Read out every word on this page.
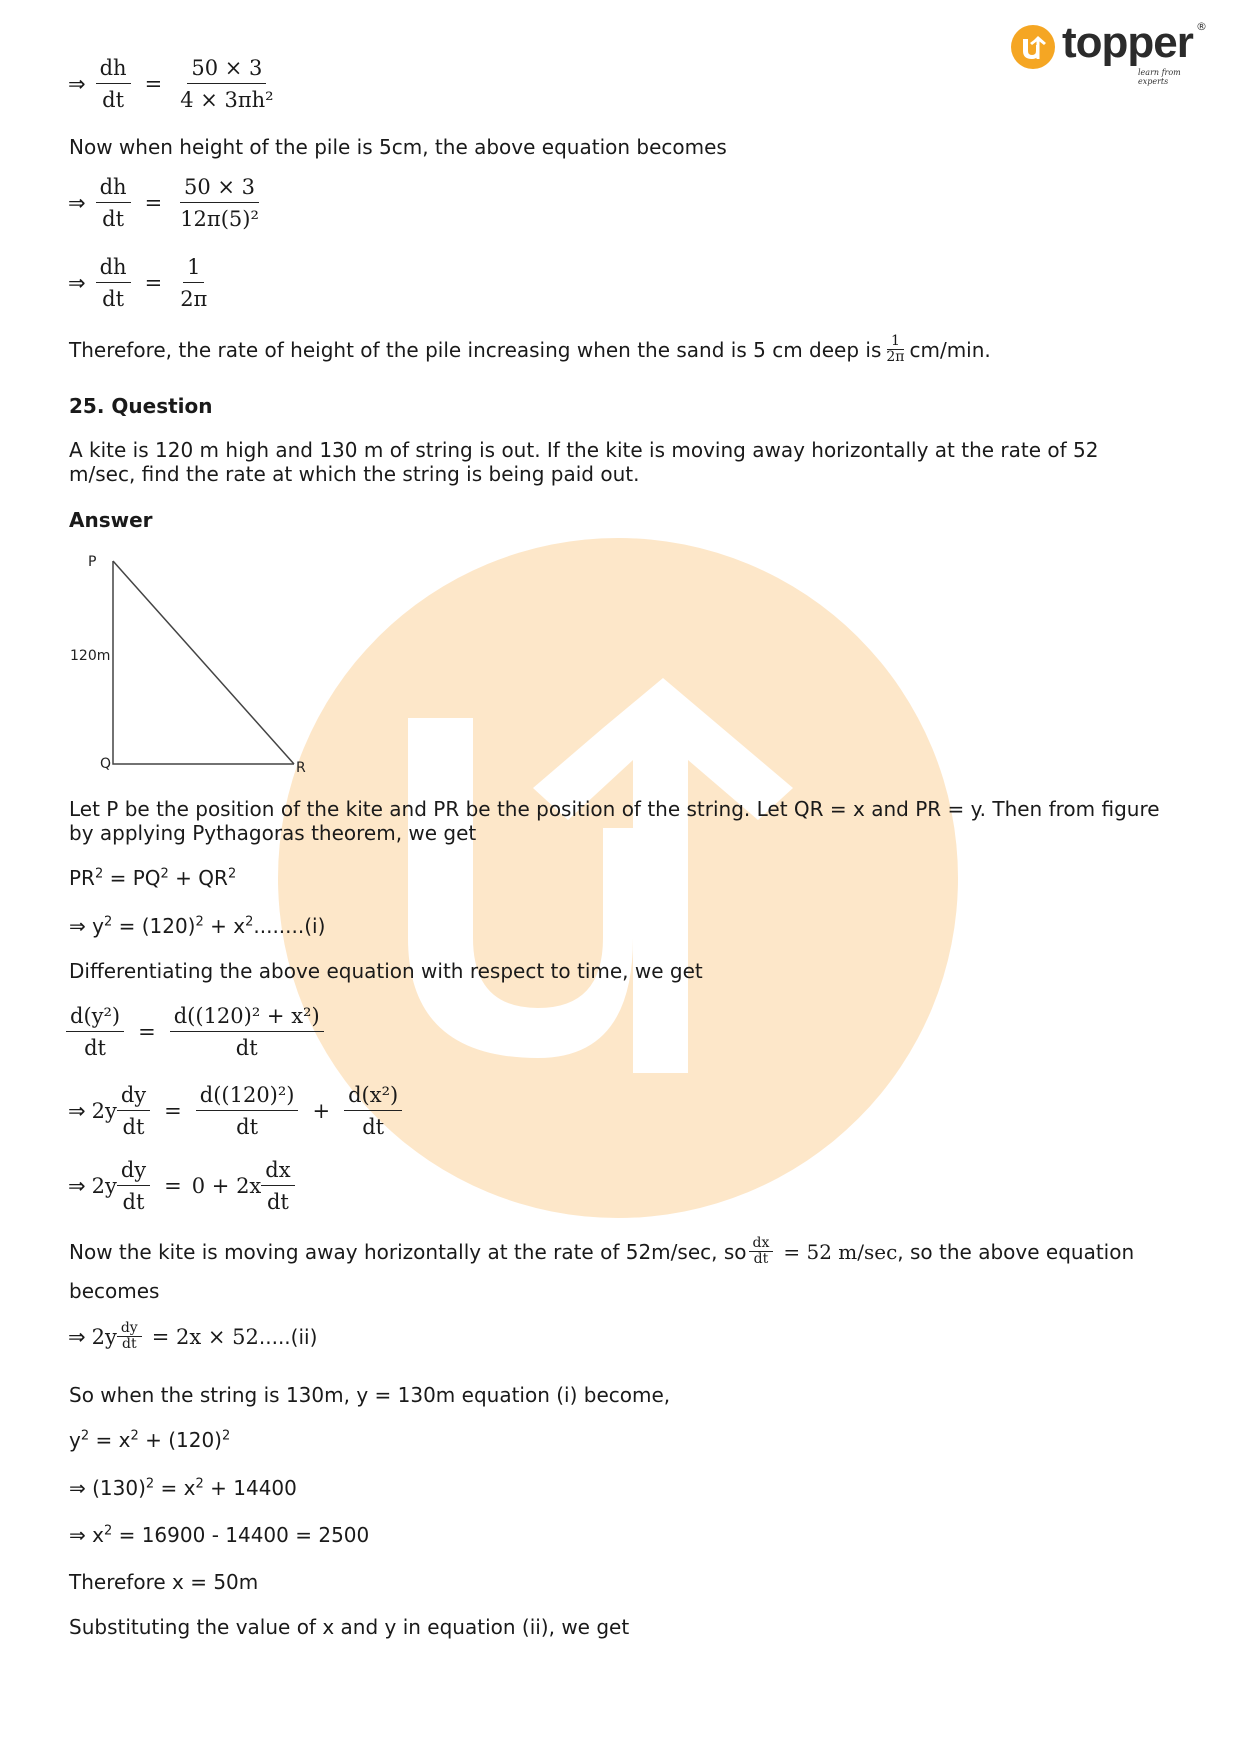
topper ®
learn from experts
⇒ $\frac{dh}{dt} = \frac{50 \times 3}{\text{4 × 3πh²}}$
Now when height of the pile is 5cm, the above equation becomes
⇒ $\frac{dh}{dt} = \frac{50 \times 3}{\text{12π(5)²}}$
⇒ $\frac{dh}{dt} = \frac{1}{2\pi}$
Therefore, the rate of height of the pile increasing when the sand is 5 cm deep is $\frac{1}{2\pi} cm/\min$.
25. Question
A kite is 120 m high and 130 m of string is out. If the kite is moving away horizontally at the rate of 52 m/sec, find the rate at which the string is being paid out.
Answer
P
120m
Q	R
Let P be the position of the kite and PR be the position of the string. Let QR = x and PR = y. Then from figure by applying Pythagoras theorem, we get
$PR^2 = PQ^2 + QR^2$
⇒ $y^2 = (120)^2 + x^2........(i)$
Differentiating the above equation with respect to time, we get
$\frac{\text{d(y²)}}{dt} = \frac{\text{d((120)² + x²)}}{dt}$
⇒ $2y \frac{dy}{dt} = \frac{\text{d((120)²)}}{dt} + \frac{\text{d(x²)}}{dt}$
⇒ $2y \frac{dy}{dt} = 0 + 2x \frac{dx}{dt}$
Now the kite is moving away horizontally at the rate of 52m/sec, so $\frac{dx}{dt} = 52$ m/sec , so the above equation
becomes
⇒ $2y \frac{dy}{dt} = 2x \times 52$ .....(ii)
So when the string is 130m, y = 130m equation (i) become,
$y^2 = x^2 + (120)^2$
⇒ $(130)^2 = x^2 + 14400$
⇒ $x^2 = 16900 - 14400 = 2500$
Therefore x = 50m
Substituting the value of x and y in equation (ii), we get
